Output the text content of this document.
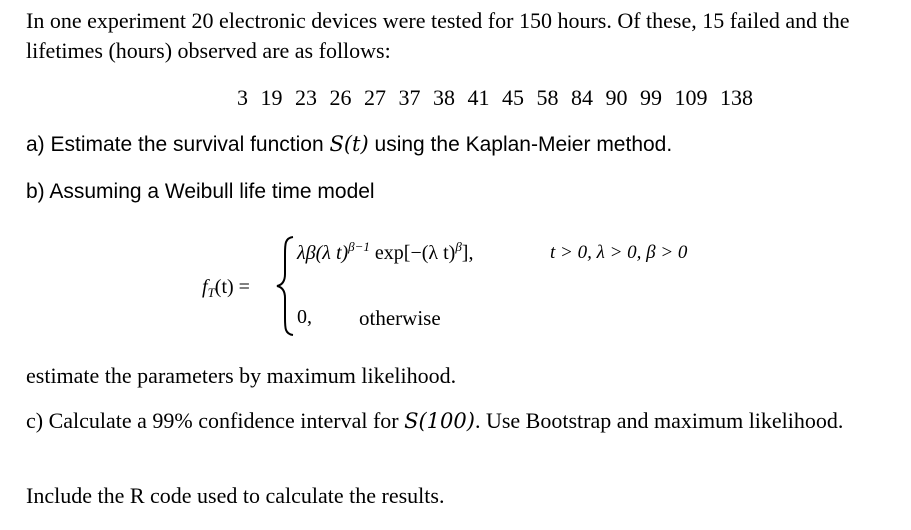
In one experiment 20 electronic devices were tested for 150 hours. Of these, 15 failed and the lifetimes (hours) observed are as follows:
3 19 23 26 27 37 38 41 45 58 84 90 99 109 138
a) Estimate the survival function S(t) using the Kaplan-Meier method.
b) Assuming a Weibull life time model
$f_T(t)$ =
λβ(λ t)$^{\beta-1}$ exp[−(λ t)$^\beta$],	t > 0, λ > 0, β > 0
0, otherwise
estimate the parameters by maximum likelihood.
c) Calculate a 99% confidence interval for S(100). Use Bootstrap and maximum likelihood.
Include the R code used to calculate the results.
